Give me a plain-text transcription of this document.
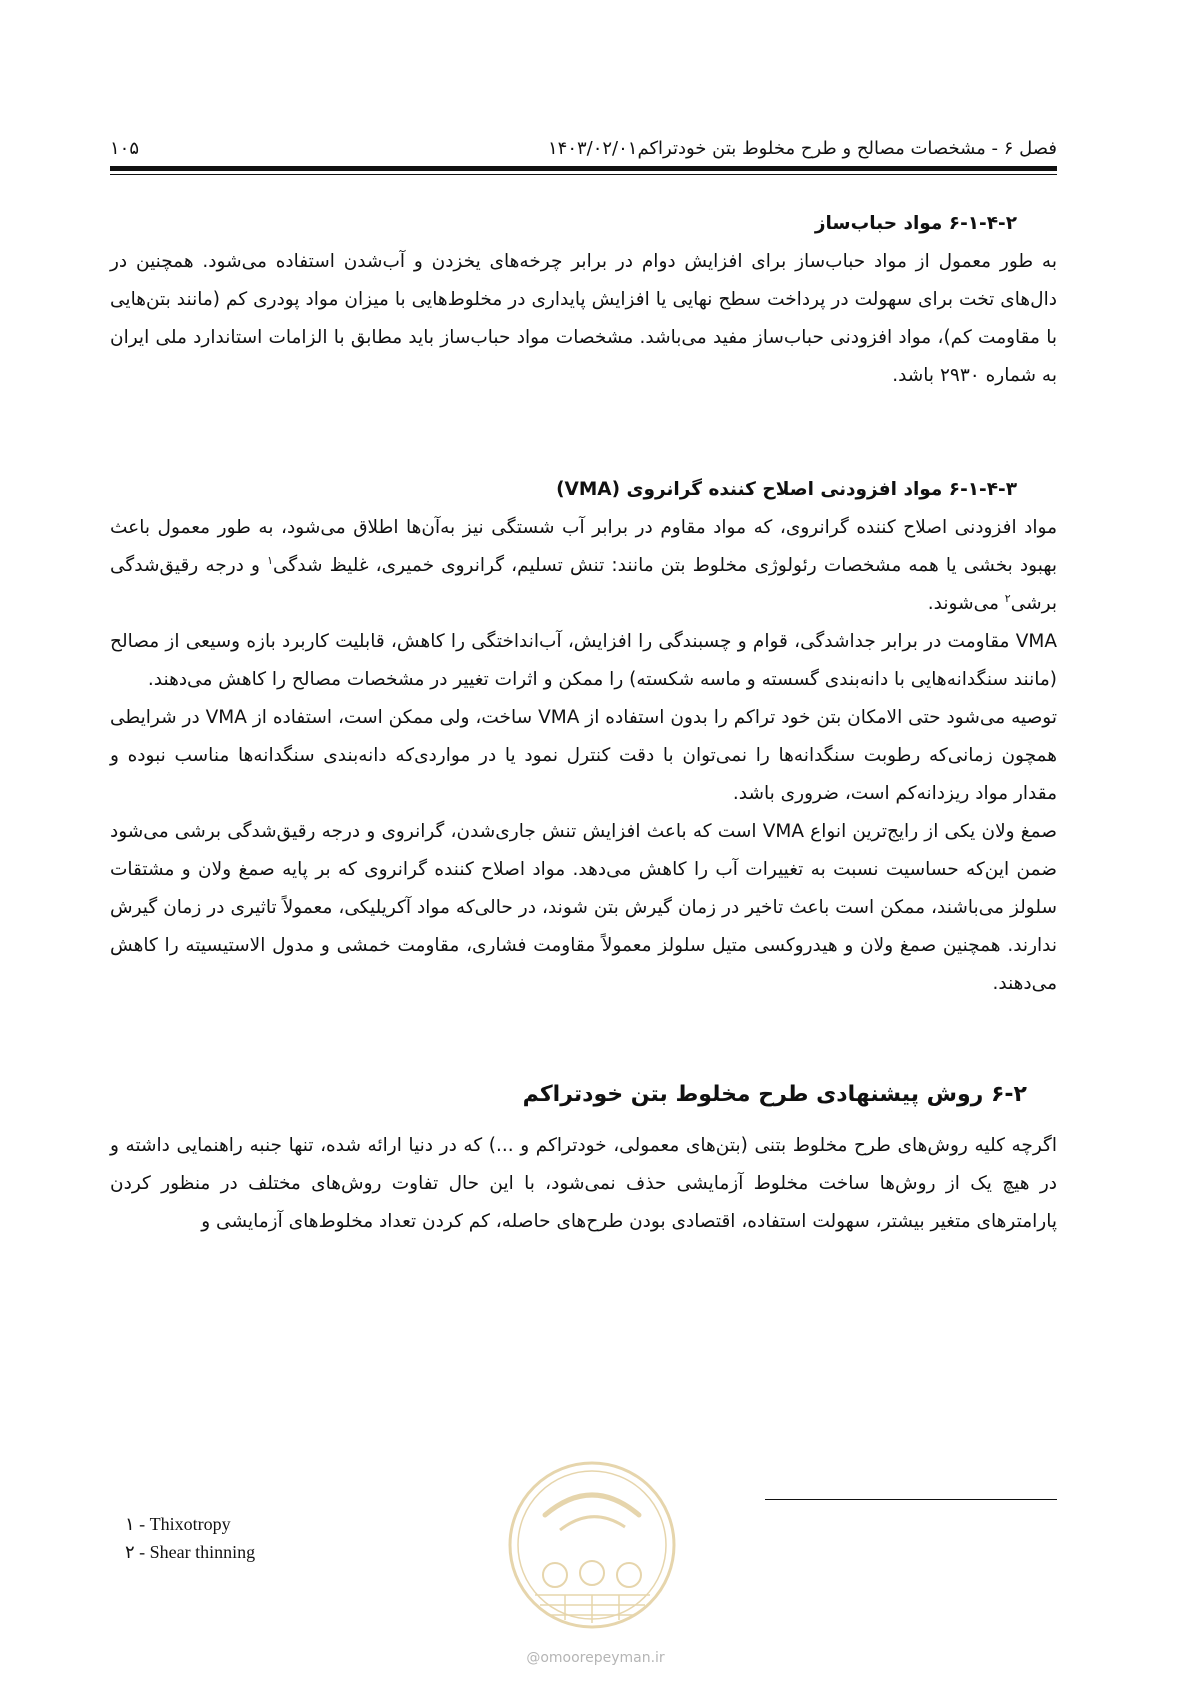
فصل ۶ - مشخصات مصالح و طرح مخلوط بتن خودتراکم۱۴۰۳/۰۲/۰۱
۱۰۵
۶-۱-۴-۲ مواد حباب‌ساز

به طور معمول از مواد حباب‌ساز برای افزایش دوام در برابر چرخه‌های یخزدن و آب‌شدن استفاده می‌شود. همچنین در دال‌های تخت برای سهولت در پرداخت سطح نهایی یا افزایش پایداری در مخلوط‌هایی با میزان مواد پودری کم (مانند بتن‌هایی با مقاومت کم)، مواد افزودنی حباب‌ساز مفید می‌باشد. مشخصات مواد حباب‌ساز باید مطابق با الزامات استاندارد ملی ایران به شماره ۲۹۳۰ باشد.

۶-۱-۴-۳ مواد افزودنی اصلاح کننده گرانروی (VMA)

مواد افزودنی اصلاح کننده گرانروی، که مواد مقاوم در برابر آب شستگی نیز به‌آن‌ها اطلاق می‌شود، به طور معمول باعث بهبود بخشی یا همه مشخصات رئولوژی مخلوط بتن مانند: تنش تسلیم، گرانروی خمیری، غلیظ شدگی$^۱$ و درجه رقیق‌شدگی برشی$^۲$ می‌شوند.

VMA مقاومت در برابر جداشدگی، قوام و چسبندگی را افزایش، آب‌انداختگی را کاهش، قابلیت کاربرد بازه وسیعی از مصالح (مانند سنگدانه‌هایی با دانه‌بندی گسسته و ماسه شکسته) را ممکن و اثرات تغییر در مشخصات مصالح را کاهش می‌دهند.

توصیه می‌شود حتی الامکان بتن خود تراکم را بدون استفاده از VMA ساخت، ولی ممکن است، استفاده از VMA در شرایطی همچون زمانی‌که رطوبت سنگدانه‌ها را نمی‌توان با دقت کنترل نمود یا در مواردی‌که دانه‌بندی سنگدانه‌ها مناسب نبوده و مقدار مواد ریزدانه‌کم است، ضروری باشد.

صمغ ولان یکی از رایج‌ترین انواع VMA است که باعث افزایش تنش جاری‌شدن، گرانروی و درجه رقیق‌شدگی برشی می‌شود ضمن این‌که حساسیت نسبت به تغییرات آب را کاهش می‌دهد. مواد اصلاح کننده گرانروی که بر پایه صمغ ولان و مشتقات سلولز می‌باشند، ممکن است باعث تاخیر در زمان گیرش بتن شوند، در حالی‌که مواد آکریلیکی، معمولاً تاثیری در زمان گیرش ندارند. همچنین صمغ ولان و هیدروکسی متیل سلولز معمولاً مقاومت فشاری، مقاومت خمشی و مدول الاستیسیته را کاهش می‌دهند.

۶-۲ روش پیشنهادی طرح مخلوط بتن خودتراکم

اگرچه کلیه روش‌های طرح مخلوط بتنی (بتن‌های معمولی، خودتراکم و ...) که در دنیا ارائه شده، تنها جنبه راهنمایی داشته و در هیچ یک از روش‌ها ساخت مخلوط آزمایشی حذف نمی‌شود، با این حال تفاوت روش‌های مختلف در منظور کردن پارامترهای متغیر بیشتر، سهولت استفاده، اقتصادی بودن طرح‌های حاصله، کم کردن تعداد مخلوط‌های آزمایشی و

۱ - Thixotropy
۲ - Shear thinning
@omoorepeyman.ir
